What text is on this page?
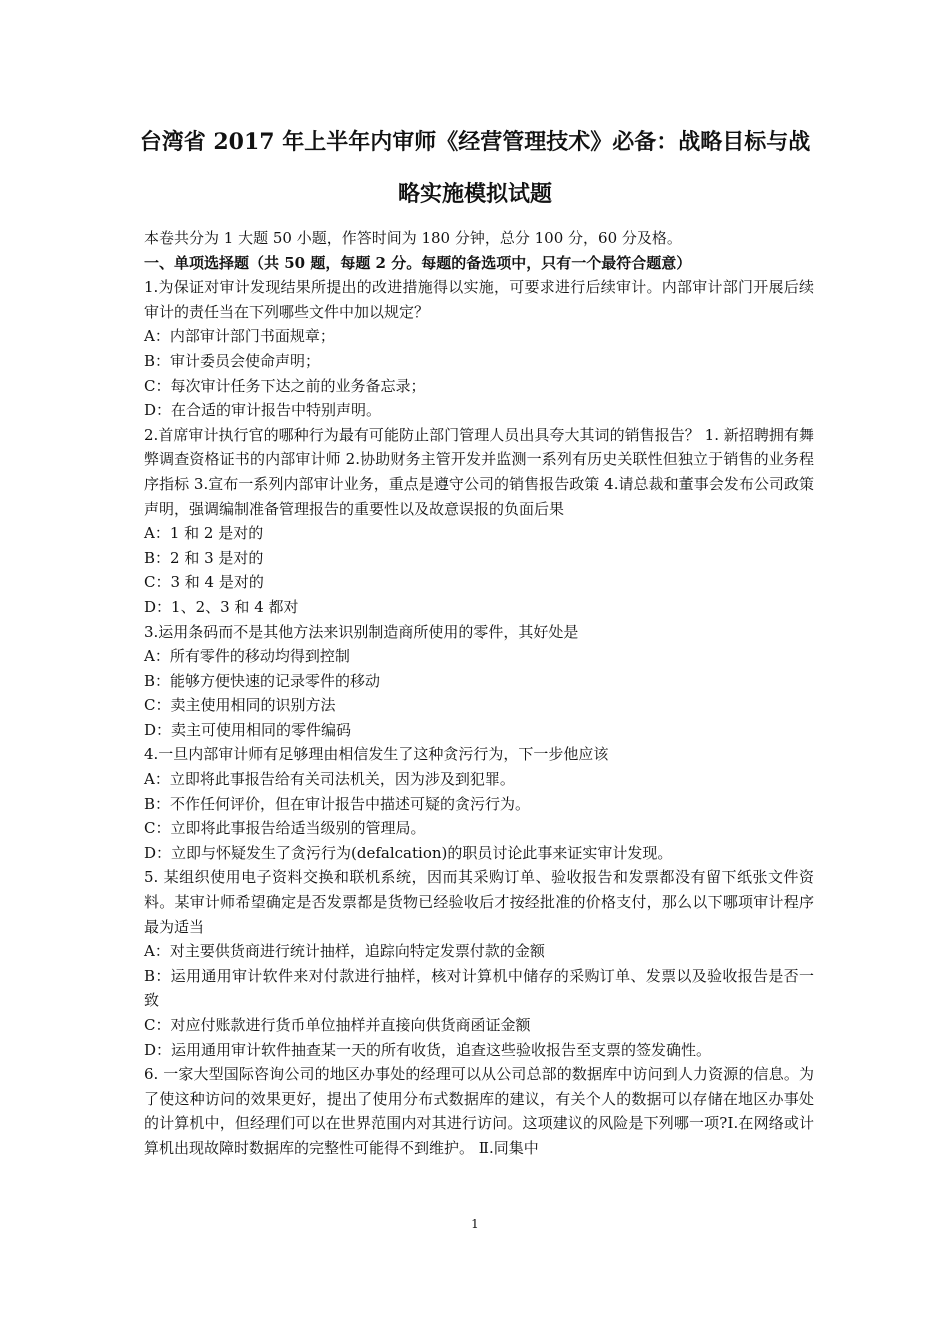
台湾省 2017 年上半年内审师《经营管理技术》必备：战略目标与战
略实施模拟试题

本卷共分为 1 大题 50 小题，作答时间为 180 分钟，总分 100 分，60 分及格。

一、单项选择题（共 50 题，每题 2 分。每题的备选项中，只有一个最符合题意）

1.为保证对审计发现结果所提出的改进措施得以实施，可要求进行后续审计。内部审计部门开展后续审计的责任当在下列哪些文件中加以规定？

A：内部审计部门书面规章；

B：审计委员会使命声明；

C：每次审计任务下达之前的业务备忘录；

D：在合适的审计报告中特别声明。

2.首席审计执行官的哪种行为最有可能防止部门管理人员出具夸大其词的销售报告？ 1. 新招聘拥有舞弊调查资格证书的内部审计师 2.协助财务主管开发并监测一系列有历史关联性但独立于销售的业务程序指标 3.宣布一系列内部审计业务，重点是遵守公司的销售报告政策 4.请总裁和董事会发布公司政策声明，强调编制准备管理报告的重要性以及故意误报的负面后果

A：1 和 2 是对的

B：2 和 3 是对的

C：3 和 4 是对的

D：1、2、3 和 4 都对

3.运用条码而不是其他方法来识别制造商所使用的零件，其好处是

A：所有零件的移动均得到控制

B：能够方便快速的记录零件的移动

C：卖主使用相同的识别方法

D：卖主可使用相同的零件编码

4.一旦内部审计师有足够理由相信发生了这种贪污行为，下一步他应该

A：立即将此事报告给有关司法机关，因为涉及到犯罪。

B：不作任何评价，但在审计报告中描述可疑的贪污行为。

C：立即将此事报告给适当级别的管理局。

D：立即与怀疑发生了贪污行为(defalcation)的职员讨论此事来证实审计发现。

5. 某组织使用电子资料交换和联机系统，因而其采购订单、验收报告和发票都没有留下纸张文件资料。某审计师希望确定是否发票都是货物已经验收后才按经批准的价格支付，那么以下哪项审计程序最为适当

A：对主要供货商进行统计抽样，追踪向特定发票付款的金额

B：运用通用审计软件来对付款进行抽样，核对计算机中储存的采购订单、发票以及验收报告是否一致

C：对应付账款进行货币单位抽样并直接向供货商函证金额

D：运用通用审计软件抽查某一天的所有收货，追查这些验收报告至支票的签发确性。

6. 一家大型国际咨询公司的地区办事处的经理可以从公司总部的数据库中访问到人力资源的信息。为了使这种访问的效果更好，提出了使用分布式数据库的建议，有关个人的数据可以存储在地区办事处的计算机中，但经理们可以在世界范围内对其进行访问。这项建议的风险是下列哪一项?Ⅰ.在网络或计算机出现故障时数据库的完整性可能得不到维护。 Ⅱ.同集中

1
